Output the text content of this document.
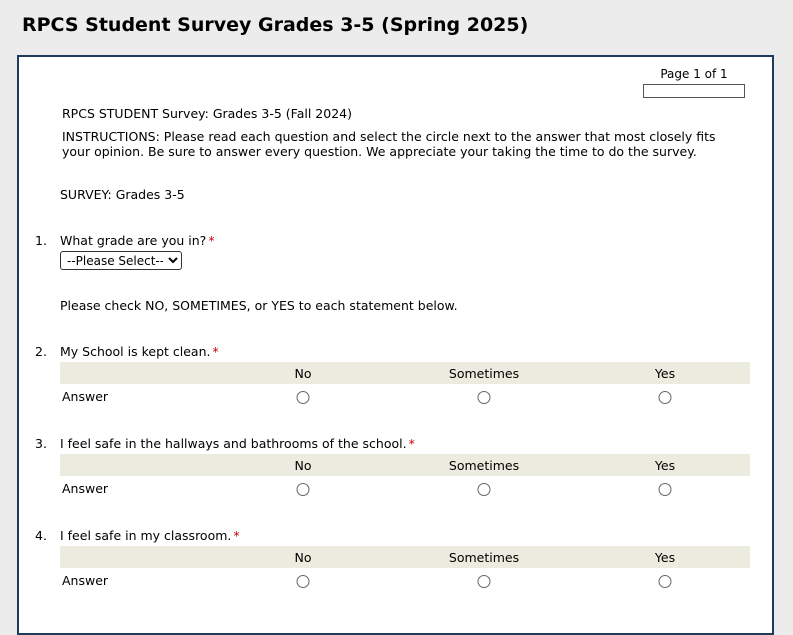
RPCS Student Survey Grades 3-5 (Spring 2025)
Page 1 of 1
RPCS STUDENT Survey: Grades 3-5 (Fall 2024)
INSTRUCTIONS: Please read each question and select the circle next to the answer that most closely fits your opinion. Be sure to answer every question. We appreciate your taking the time to do the survey.
SURVEY: Grades 3-5
1. What grade are you in? *
--Please Select--
Please check NO, SOMETIMES, or YES to each statement below.
2. My School is kept clean. *
No	Sometimes	Yes
Answer
3. I feel safe in the hallways and bathrooms of the school. *
No	Sometimes	Yes
Answer
4. I feel safe in my classroom. *
No	Sometimes	Yes
Answer
